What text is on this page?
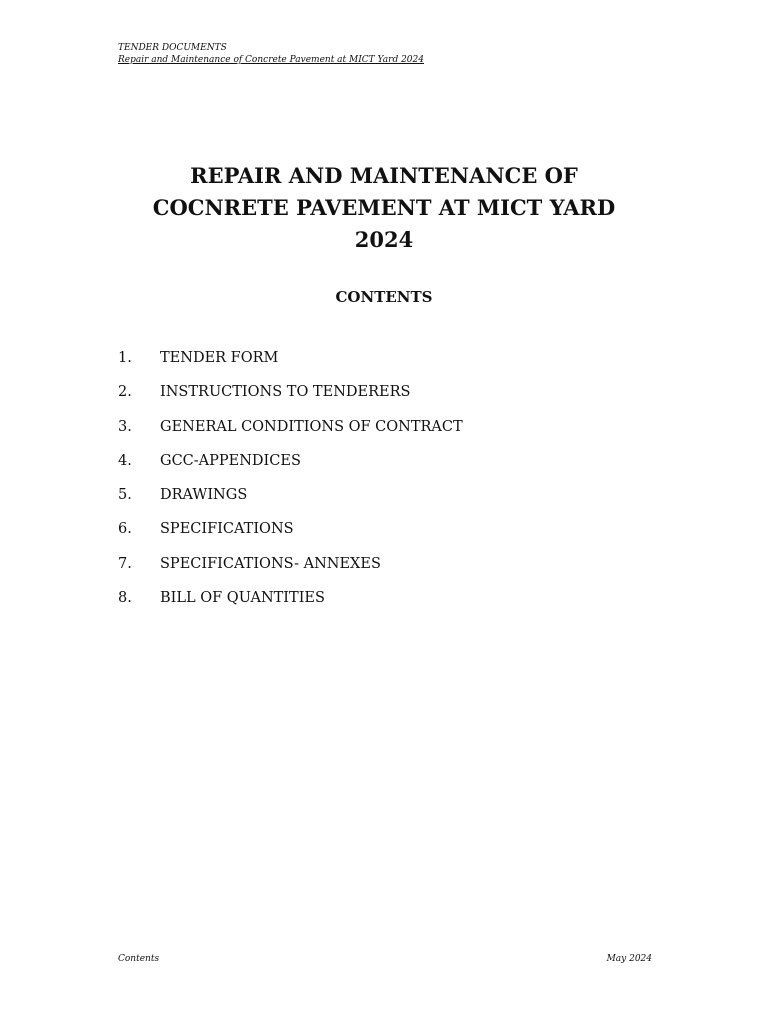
TENDER DOCUMENTS
Repair and Maintenance of Concrete Pavement at MICT Yard 2024
REPAIR AND MAINTENANCE OF
COCNRETE PAVEMENT AT MICT YARD
2024
CONTENTS
1.	TENDER FORM
2.	INSTRUCTIONS TO TENDERERS
3.	GENERAL CONDITIONS OF CONTRACT
4.	GCC-APPENDICES
5.	DRAWINGS
6.	SPECIFICATIONS
7.	SPECIFICATIONS- ANNEXES
8.	BILL OF QUANTITIES
Contents	May 2024
